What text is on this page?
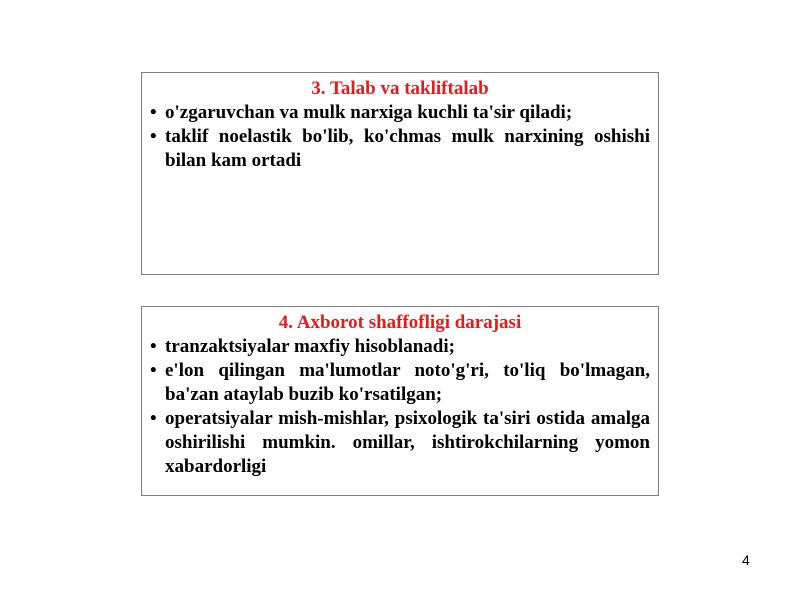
3. Talab va takliftalab

• o'zgaruvchan va mulk narxiga kuchli ta'sir qiladi;
• taklif noelastik bo'lib, ko'chmas mulk narxining oshishi bilan kam ortadi

4. Axborot shaffofligi darajasi

• tranzaktsiyalar maxfiy hisoblanadi;
• e'lon qilingan ma'lumotlar noto'g'ri, to'liq bo'lmagan, ba'zan ataylab buzib ko'rsatilgan;
• operatsiyalar mish-mishlar, psixologik ta'siri ostida amalga oshirilishi mumkin. omillar, ishtirokchilarning yomon xabardorligi
4
